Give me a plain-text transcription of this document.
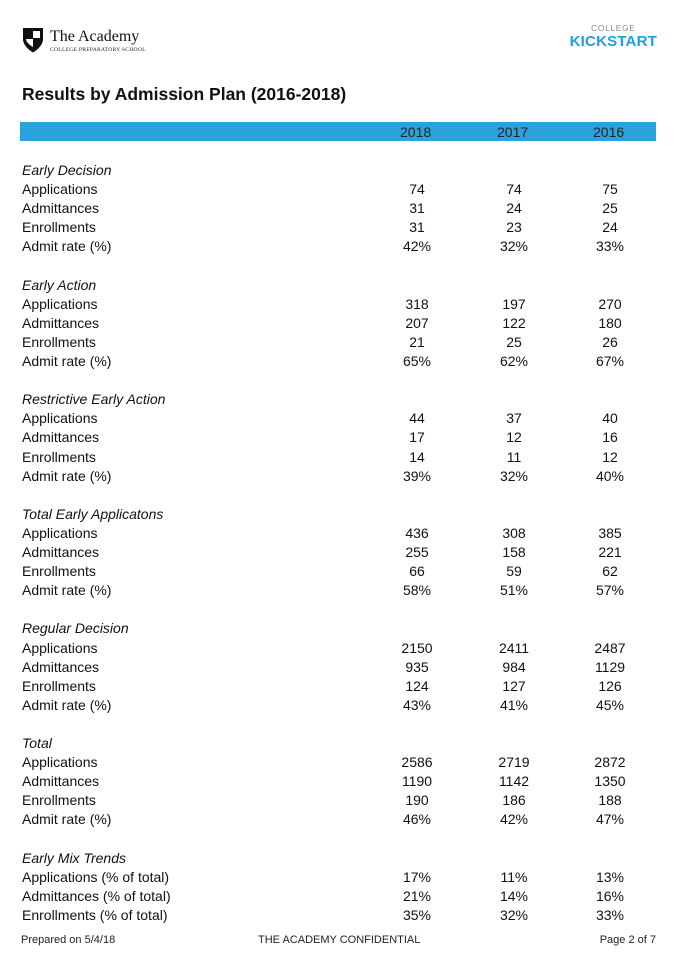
The Academy
COLLEGE PREPARATORY SCHOOL
COLLEGE
KICKSTART
Results by Admission Plan (2016-2018)
2018	2017	2016
Early Decision
Applications	74	74	75
Admittances	31	24	25
Enrollments	31	23	24
Admit rate (%)	42%	32%	33%
Early Action
Applications	318	197	270
Admittances	207	122	180
Enrollments	21	25	26
Admit rate (%)	65%	62%	67%
Restrictive Early Action
Applications	44	37	40
Admittances	17	12	16
Enrollments	14	11	12
Admit rate (%)	39%	32%	40%
Total Early Applicatons
Applications	436	308	385
Admittances	255	158	221
Enrollments	66	59	62
Admit rate (%)	58%	51%	57%
Regular Decision
Applications	2150	2411	2487
Admittances	935	984	1129
Enrollments	124	127	126
Admit rate (%)	43%	41%	45%
Total
Applications	2586	2719	2872
Admittances	1190	1142	1350
Enrollments	190	186	188
Admit rate (%)	46%	42%	47%
Early Mix Trends
Applications (% of total)	17%	11%	13%
Admittances (% of total)	21%	14%	16%
Enrollments (% of total)	35%	32%	33%
Prepared on 5/4/18	THE ACADEMY CONFIDENTIAL	Page 2 of 7
